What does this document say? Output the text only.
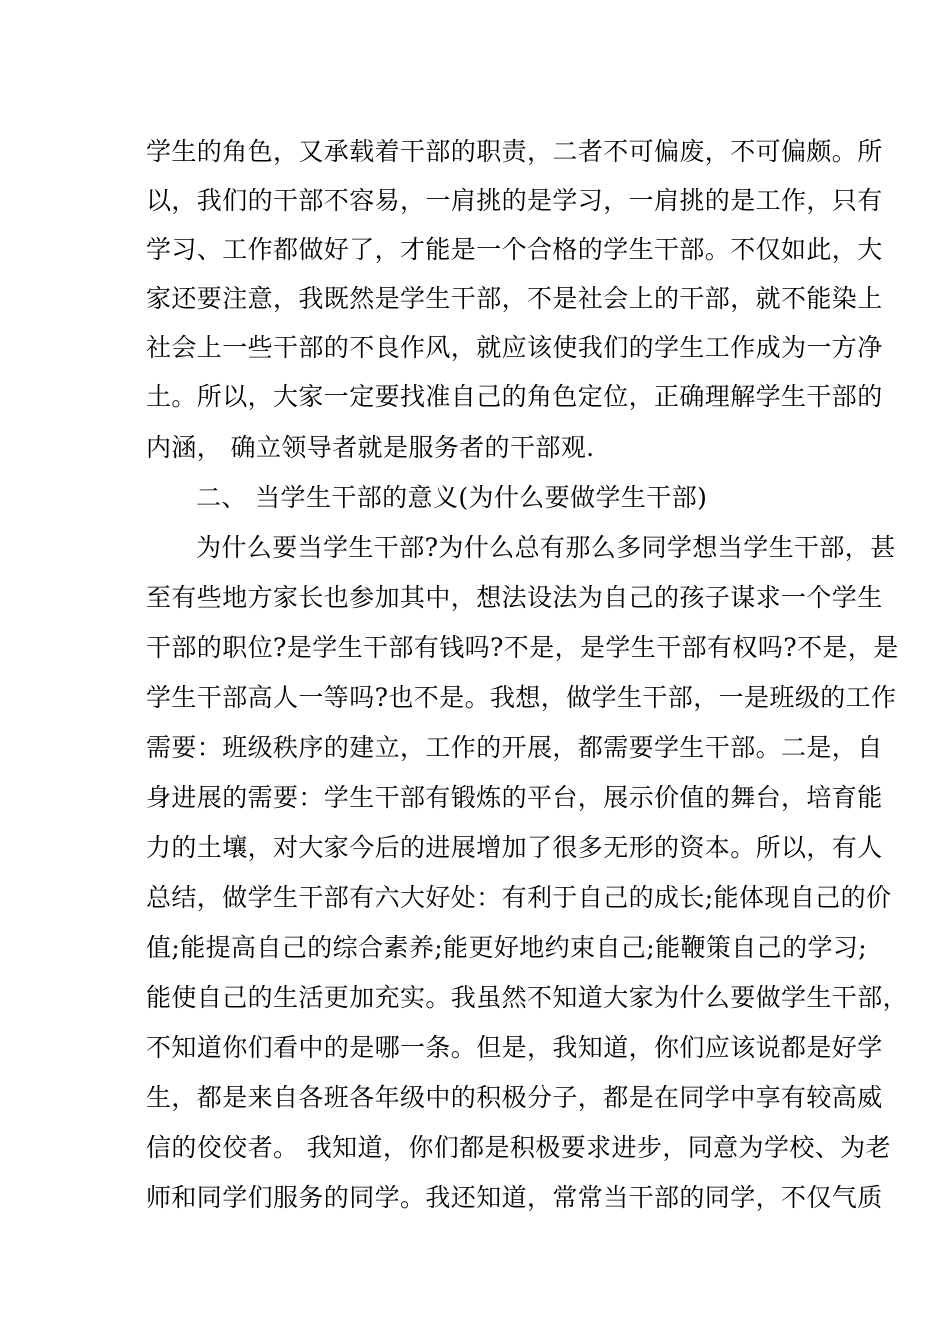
学生的角色，又承载着干部的职责，二者不可偏废，不可偏颇。所
以，我们的干部不容易，一肩挑的是学习，一肩挑的是工作，只有
学习、工作都做好了，才能是一个合格的学生干部。不仅如此，大
家还要注意，我既然是学生干部，不是社会上的干部，就不能染上
社会上一些干部的不良作风，就应该使我们的学生工作成为一方净
土。所以，大家一定要找准自己的角色定位，正确理解学生干部的
内涵， 确立领导者就是服务者的干部观.
二、 当学生干部的意义(为什么要做学生干部)
为什么要当学生干部?为什么总有那么多同学想当学生干部，甚
至有些地方家长也参加其中，想法设法为自己的孩子谋求一个学生
干部的职位?是学生干部有钱吗?不是，是学生干部有权吗?不是，是
学生干部高人一等吗?也不是。我想，做学生干部，一是班级的工作
需要：班级秩序的建立，工作的开展，都需要学生干部。二是，自
身进展的需要：学生干部有锻炼的平台，展示价值的舞台，培育能
力的土壤，对大家今后的进展增加了很多无形的资本。所以，有人
总结，做学生干部有六大好处：有利于自己的成长;能体现自己的价
值;能提高自己的综合素养;能更好地约束自己;能鞭策自己的学习;
能使自己的生活更加充实。我虽然不知道大家为什么要做学生干部，
不知道你们看中的是哪一条。但是，我知道，你们应该说都是好学
生，都是来自各班各年级中的积极分子，都是在同学中享有较高威
信的佼佼者。 我知道，你们都是积极要求进步，同意为学校、为老
师和同学们服务的同学。我还知道，常常当干部的同学，不仅气质
